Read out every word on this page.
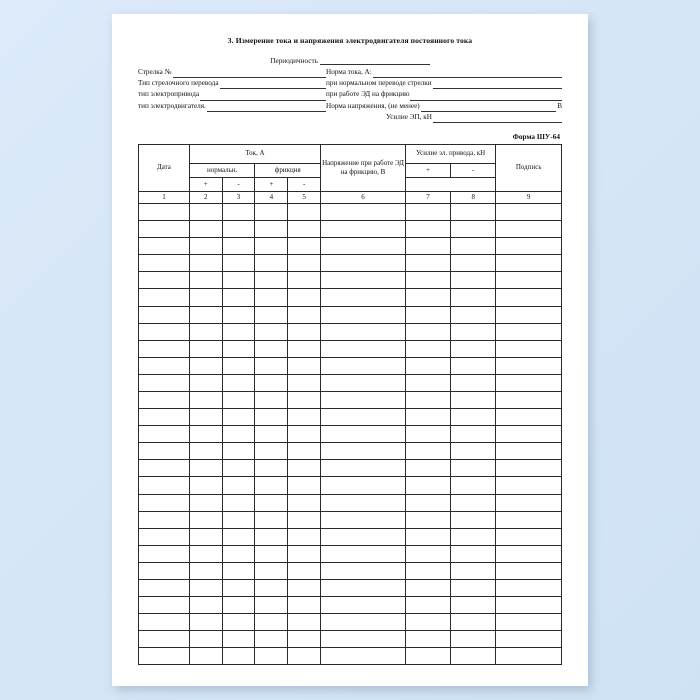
3. Измерение тока и напряжения электродвигателя постоянного тока
Периодичность
Стрелка №	Норма тока, А:
Тип стрелочного перевода	при нормальном переводе стрелки
тип электропривода	при работе ЭД на фрикцию
тип электродвигателя.	Норма напряжения, (не менее)	В
Усилие ЭП, кН
Форма ШУ-64
Дата	Ток, А				Напряжение при работе ЭД на фрикцию, В	Усилие эл. привода, кН		Подпись
	нормальн.		фрикция			+	-	
	+	-	+	-				
1	2	3	4	5	6	7	8	9
